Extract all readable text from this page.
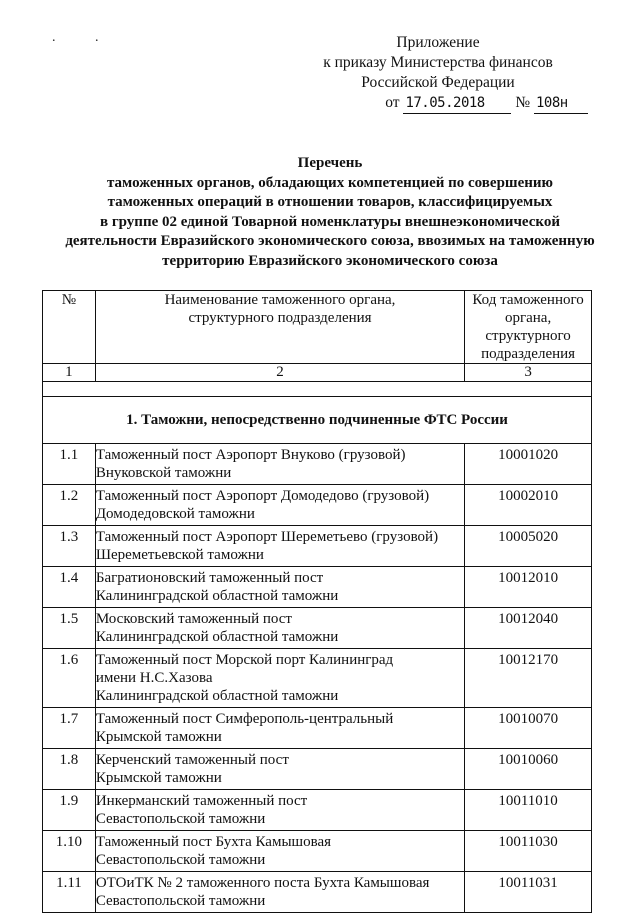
. .	Приложение
к приказу Министерства финансов
Российской Федерации
от 17.05.2018 № 108н
Перечень
таможенных органов, обладающих компетенцией по совершению
таможенных операций в отношении товаров, классифицируемых
в группе 02 единой Товарной номенклатуры внешнеэкономической
деятельности Евразийского экономического союза, ввозимых на таможенную
территорию Евразийского экономического союза
№	Наименование таможенного органа,
структурного подразделения	Код таможенного
органа,
структурного
подразделения

1	2	3

1. Таможни, непосредственно подчиненные ФТС России		
1.1	Таможенный пост Аэропорт Внуково (грузовой)
Внуковской таможни	10001020
1.2	Таможенный пост Аэропорт Домодедово (грузовой)
Домодедовской таможни	10002010
1.3	Таможенный пост Аэропорт Шереметьево (грузовой)
Шереметьевской таможни	10005020
1.4	Багратионовский таможенный пост
Калининградской областной таможни	10012010
1.5	Московский таможенный пост
Калининградской областной таможни	10012040
1.6	Таможенный пост Морской порт Калининград
имени Н.С.Хазова
Калининградской областной таможни	10012170
1.7	Таможенный пост Симферополь-центральный
Крымской таможни	10010070
1.8	Керченский таможенный пост
Крымской таможни	10010060
1.9	Инкерманский таможенный пост
Севастопольской таможни	10011010
1.10	Таможенный пост Бухта Камышовая
Севастопольской таможни	10011030
1.11	ОТОиТК № 2 таможенного поста Бухта Камышовая
Севастопольской таможни	10011031
